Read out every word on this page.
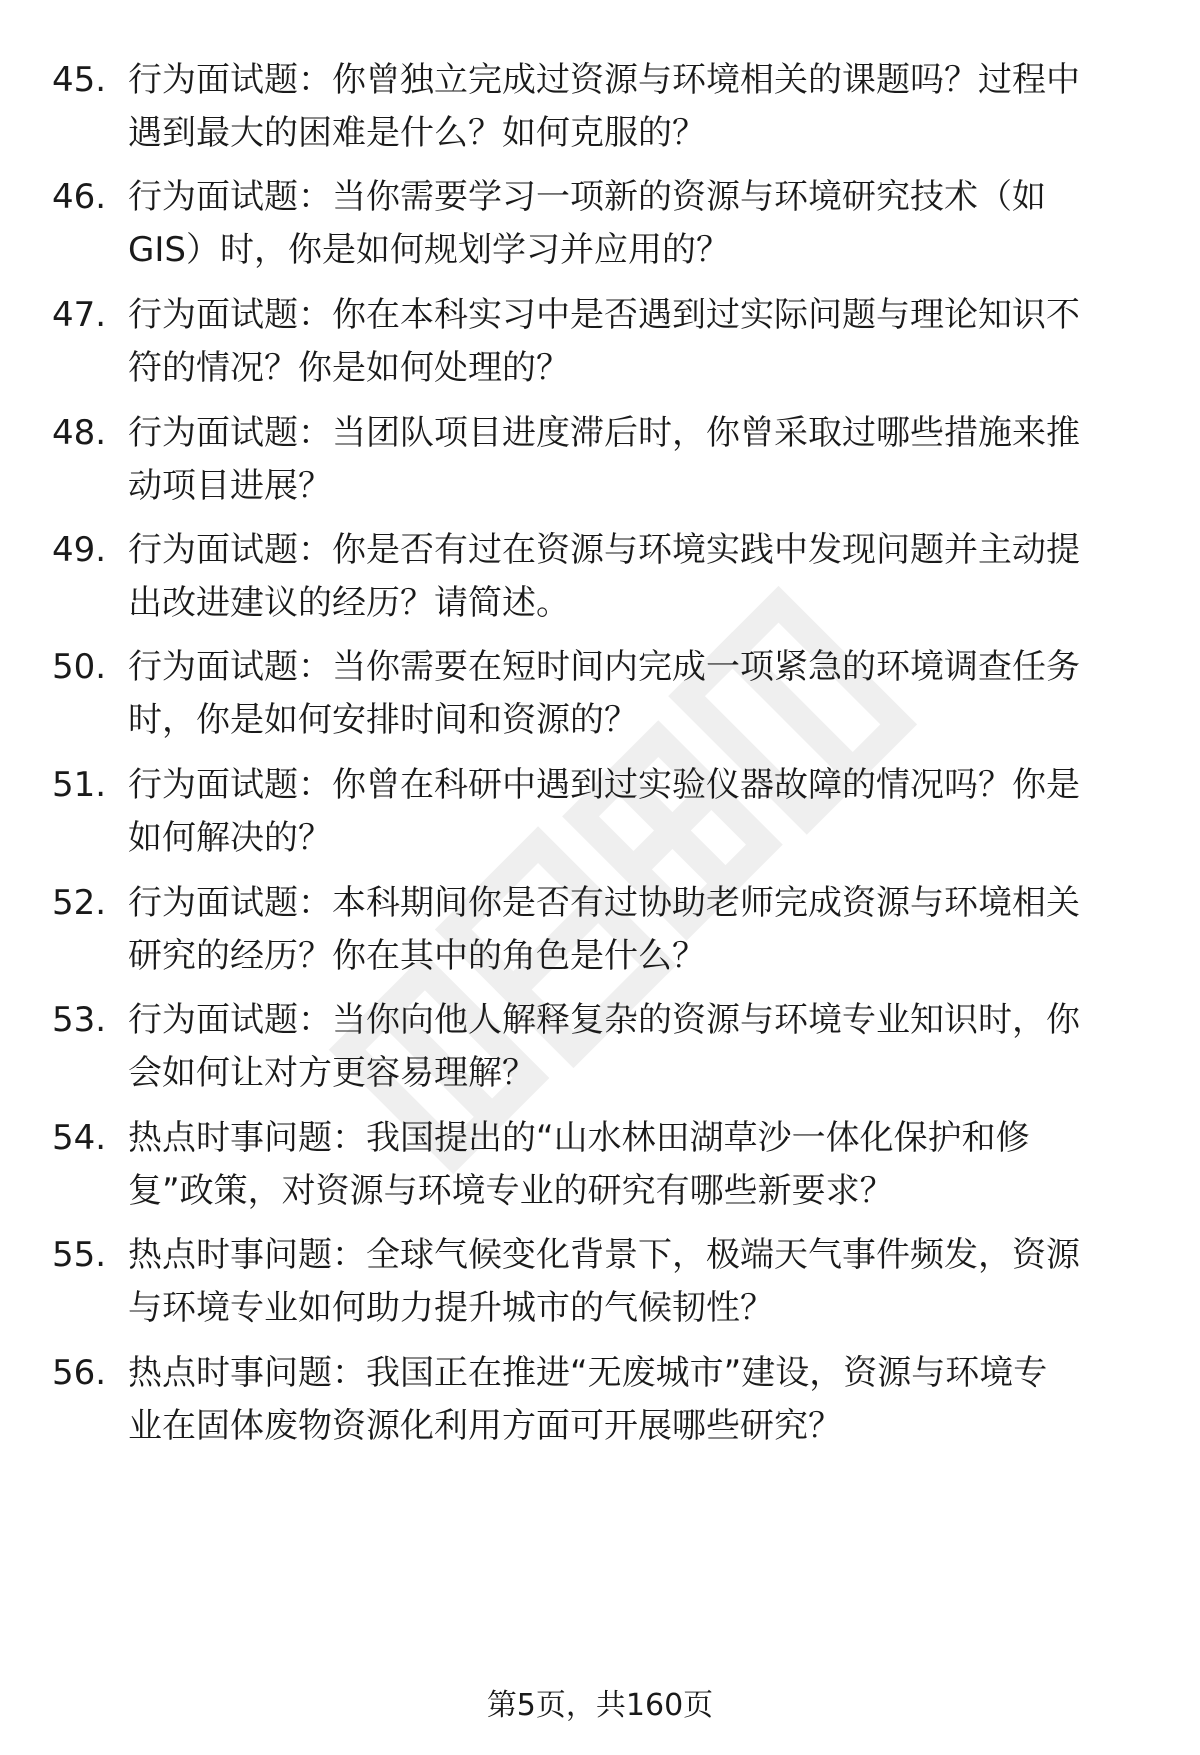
45. 行为面试题：你曾独立完成过资源与环境相关的课题吗？过程中
遇到最大的困难是什么？如何克服的？
46. 行为面试题：当你需要学习一项新的资源与环境研究技术（如
GIS）时，你是如何规划学习并应用的？
47. 行为面试题：你在本科实习中是否遇到过实际问题与理论知识不
符的情况？你是如何处理的？
48. 行为面试题：当团队项目进度滞后时，你曾采取过哪些措施来推
动项目进展？
49. 行为面试题：你是否有过在资源与环境实践中发现问题并主动提
出改进建议的经历？请简述。
50. 行为面试题：当你需要在短时间内完成一项紧急的环境调查任务
时，你是如何安排时间和资源的？
51. 行为面试题：你曾在科研中遇到过实验仪器故障的情况吗？你是
如何解决的？
52. 行为面试题：本科期间你是否有过协助老师完成资源与环境相关
研究的经历？你在其中的角色是什么？
53. 行为面试题：当你向他人解释复杂的资源与环境专业知识时，你
会如何让对方更容易理解？
54. 热点时事问题：我国提出的“山水林田湖草沙一体化保护和修
复”政策，对资源与环境专业的研究有哪些新要求？
55. 热点时事问题：全球气候变化背景下，极端天气事件频发，资源
与环境专业如何助力提升城市的气候韧性？
56. 热点时事问题：我国正在推进“无废城市”建设，资源与环境专
业在固体废物资源化利用方面可开展哪些研究？
第5页，共160页
